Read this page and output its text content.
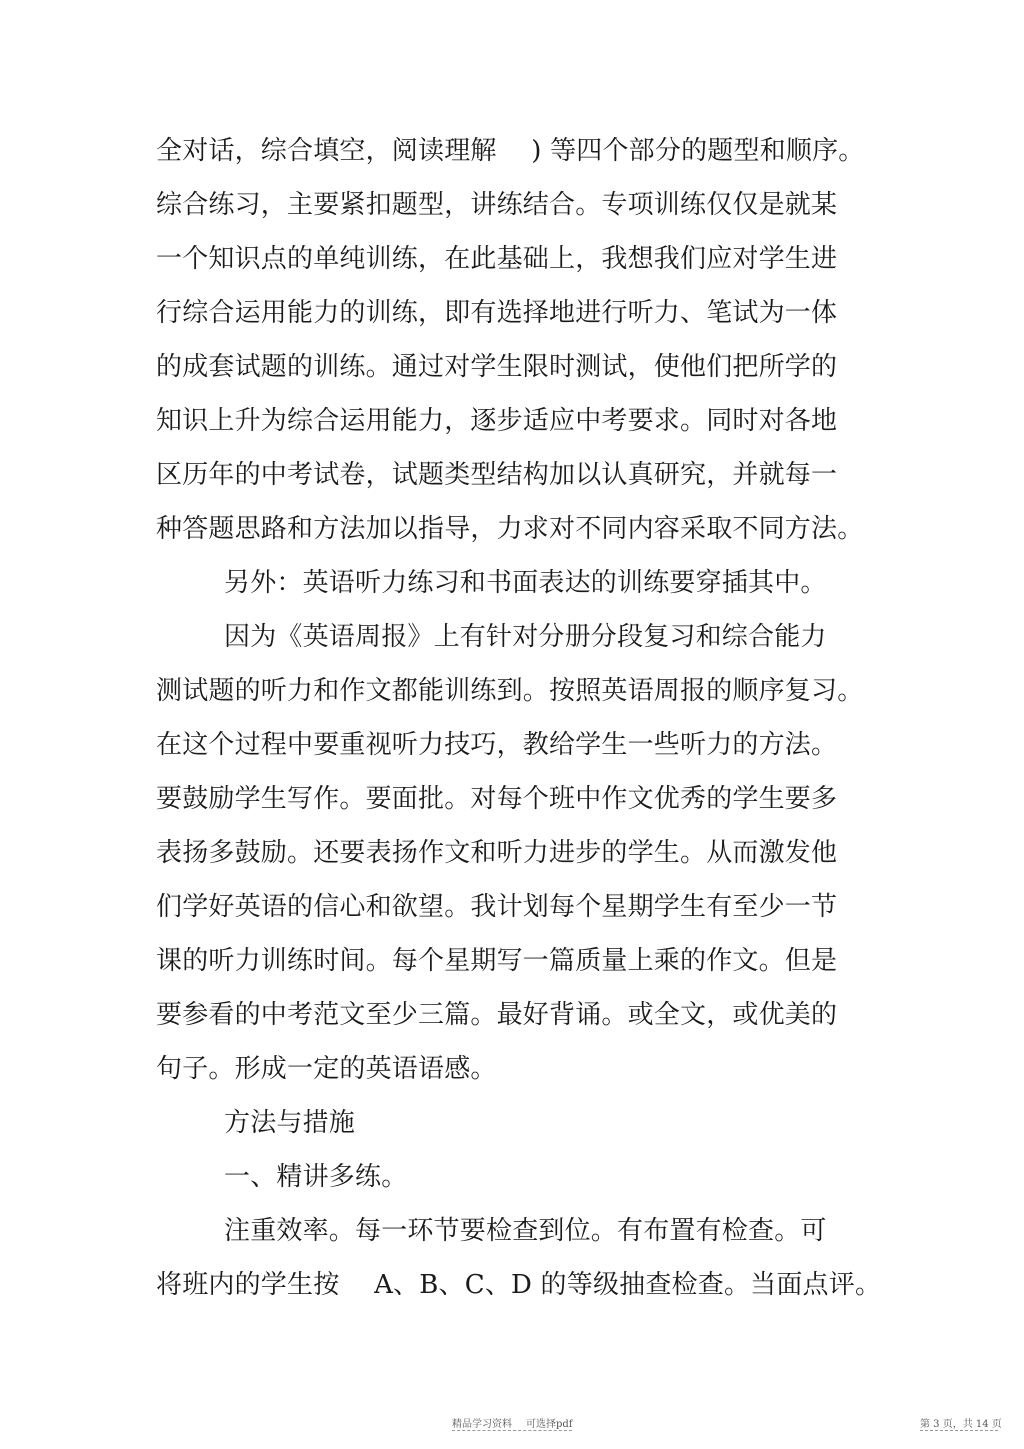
全对话，综合填空，阅读理解　 ) 等四个部分的题型和顺序。
综合练习，主要紧扣题型，讲练结合。专项训练仅仅是就某
一个知识点的单纯训练，在此基础上，我想我们应对学生进
行综合运用能力的训练，即有选择地进行听力、笔试为一体
的成套试题的训练。通过对学生限时测试，使他们把所学的
知识上升为综合运用能力，逐步适应中考要求。同时对各地
区历年的中考试卷，试题类型结构加以认真研究，并就每一
种答题思路和方法加以指导，力求对不同内容采取不同方法。
另外：英语听力练习和书面表达的训练要穿插其中。
因为《英语周报》上有针对分册分段复习和综合能力
测试题的听力和作文都能训练到。按照英语周报的顺序复习。
在这个过程中要重视听力技巧，教给学生一些听力的方法。
要鼓励学生写作。要面批。对每个班中作文优秀的学生要多
表扬多鼓励。还要表扬作文和听力进步的学生。从而激发他
们学好英语的信心和欲望。我计划每个星期学生有至少一节
课的听力训练时间。每个星期写一篇质量上乘的作文。但是
要参看的中考范文至少三篇。最好背诵。或全文，或优美的
句子。形成一定的英语语感。
方法与措施
一、精讲多练。
注重效率。每一环节要检查到位。有布置有检查。可
将班内的学生按　 A、B、C、D 的等级抽查检查。当面点评。
精品学习资料 可选择pdf	第 3 页，共 14 页
